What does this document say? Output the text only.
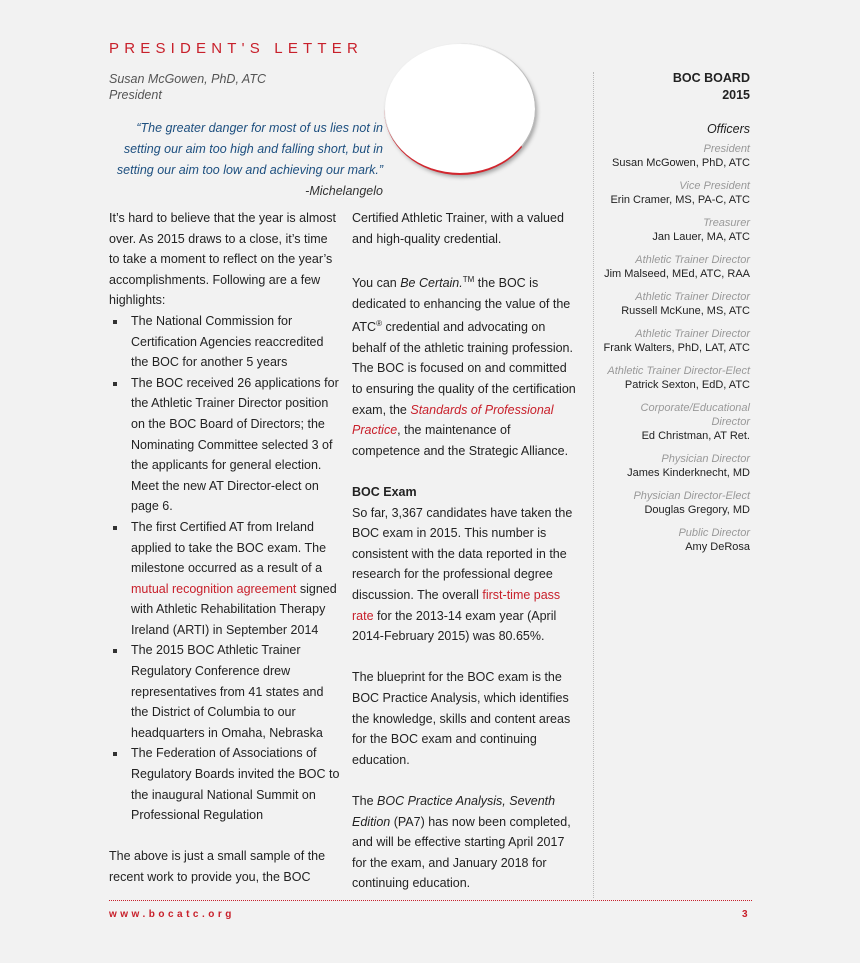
PRESIDENT'S LETTER
Susan McGowen, PhD, ATC
President
“The greater danger for most of us lies not in setting our aim too high and falling short, but in setting our aim too low and achieving our mark.”
-Michelangelo

It’s hard to believe that the year is almost over. As 2015 draws to a close, it’s time to take a moment to reflect on the year’s accomplishments. Following are a few highlights:

The National Commission for Certification Agencies reaccredited the BOC for another 5 years
The BOC received 26 applications for the Athletic Trainer Director position on the BOC Board of Directors; the Nominating Committee selected 3 of the applicants for general election. Meet the new AT Director-elect on page 6.
The first Certified AT from Ireland applied to take the BOC exam. The milestone occurred as a result of a mutual recognition agreement signed with Athletic Rehabilitation Therapy Ireland (ARTI) in September 2014
The 2015 BOC Athletic Trainer Regulatory Conference drew representatives from 41 states and the District of Columbia to our headquarters in Omaha, Nebraska
The Federation of Associations of Regulatory Boards invited the BOC to the inaugural National Summit on Professional Regulation

The above is just a small sample of the recent work to provide you, the BOC

Certified Athletic Trainer, with a valued and high-quality credential.

You can Be Certain.™ the BOC is dedicated to enhancing the value of the ATC® credential and advocating on behalf of the athletic training profession. The BOC is focused on and committed to ensuring the quality of the certification exam, the Standards of Professional Practice, the maintenance of competence and the Strategic Alliance.

BOC Exam

So far, 3,367 candidates have taken the BOC exam in 2015. This number is consistent with the data reported in the research for the professional degree discussion. The overall first-time pass rate for the 2013-14 exam year (April 2014-February 2015) was 80.65%.

The blueprint for the BOC exam is the BOC Practice Analysis, which identifies the knowledge, skills and content areas for the BOC exam and continuing education.

The BOC Practice Analysis, Seventh Edition (PA7) has now been completed, and will be effective starting April 2017 for the exam, and January 2018 for continuing education.

BOC BOARD
2015
Officers
President
Susan McGowen, PhD, ATC
Vice President
Erin Cramer, MS, PA-C, ATC
Treasurer
Jan Lauer, MA, ATC
Athletic Trainer Director
Jim Malseed, MEd, ATC, RAA
Athletic Trainer Director
Russell McKune, MS, ATC
Athletic Trainer Director
Frank Walters, PhD, LAT, ATC
Athletic Trainer Director-Elect
Patrick Sexton, EdD, ATC
Corporate/Educational Director
Ed Christman, AT Ret.
Physician Director
James Kinderknecht, MD
Physician Director-Elect
Douglas Gregory, MD
Public Director
Amy DeRosa
www.bocatc.org	3
